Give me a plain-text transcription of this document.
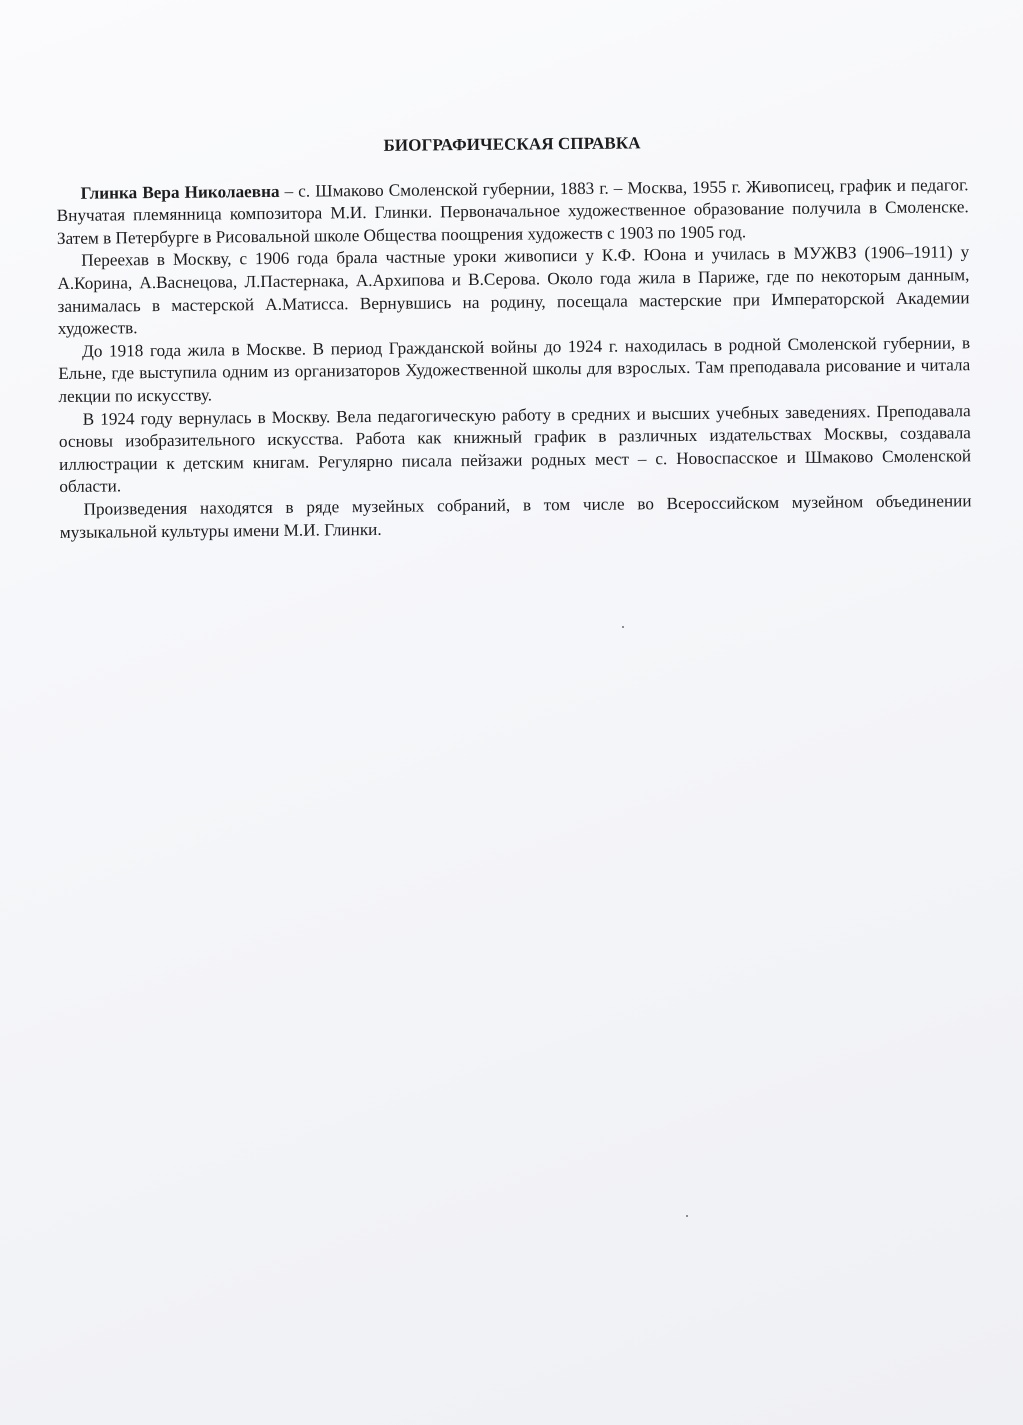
БИОГРАФИЧЕСКАЯ СПРАВКА

Глинка Вера Николаевна – с. Шмаково Смоленской губернии, 1883 г. – Москва, 1955 г. Живописец, график и педагог. Внучатая племянница композитора М.И. Глинки. Первоначальное художественное образование получила в Смоленске. Затем в Петербурге в Рисовальной школе Общества поощрения художеств с 1903 по 1905 год.

Переехав в Москву, с 1906 года брала частные уроки живописи у К.Ф. Юона и училась в МУЖВЗ (1906–1911) у А.Корина, А.Васнецова, Л.Пастернака, А.Архипова и В.Серова. Около года жила в Париже, где по некоторым данным, занималась в мастерской А.Матисса. Вернувшись на родину, посещала мастерские при Императорской Академии художеств.

До 1918 года жила в Москве. В период Гражданской войны до 1924 г. находилась в родной Смоленской губернии, в Ельне, где выступила одним из организаторов Художественной школы для взрослых. Там преподавала рисование и читала лекции по искусству.

В 1924 году вернулась в Москву. Вела педагогическую работу в средних и высших учебных заведениях. Преподавала основы изобразительного искусства. Работа как книжный график в различных издательствах Москвы, создавала иллюстрации к детским книгам. Регулярно писала пейзажи родных мест – с. Новоспасское и Шмаково Смоленской области.

Произведения находятся в ряде музейных собраний, в том числе во Всероссийском музейном объединении музыкальной культуры имени М.И. Глинки.
